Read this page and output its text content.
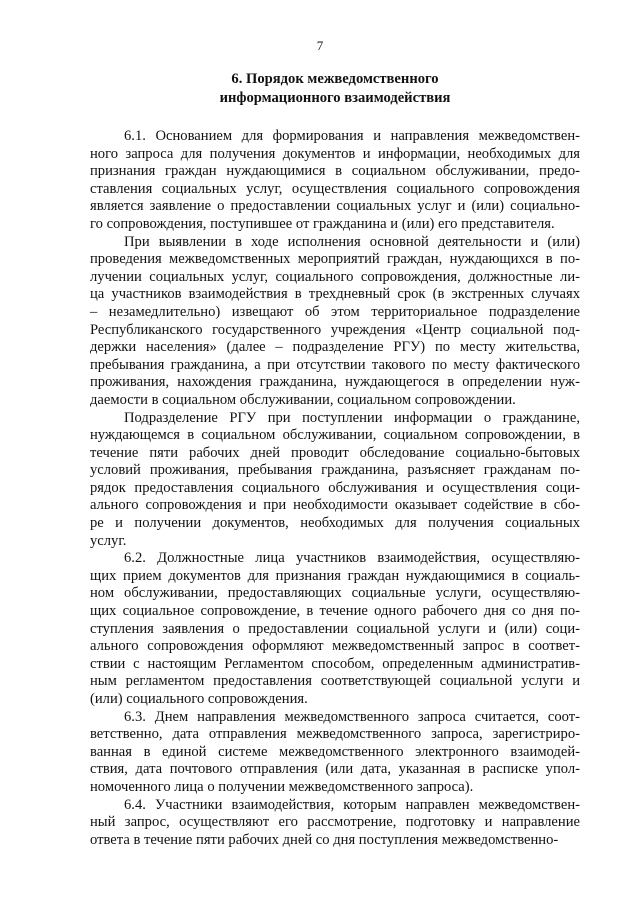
7
6. Порядок межведомственного
информационного взаимодействия

6.1. Основанием для формирования и направления межведомствен-
ного запроса для получения документов и информации, необходимых для
признания граждан нуждающимися в социальном обслуживании, предо-
ставления социальных услуг, осуществления социального сопровождения
является заявление о предоставлении социальных услуг и (или) социально-
го сопровождения, поступившее от гражданина и (или) его представителя.

При выявлении в ходе исполнения основной деятельности и (или)
проведения межведомственных мероприятий граждан, нуждающихся в по-
лучении социальных услуг, социального сопровождения, должностные ли-
ца участников взаимодействия в трехдневный срок (в экстренных случаях
– незамедлительно) извещают об этом территориальное подразделение
Республиканского государственного учреждения «Центр социальной под-
держки населения» (далее – подразделение РГУ) по месту жительства,
пребывания гражданина, а при отсутствии такового по месту фактического
проживания, нахождения гражданина, нуждающегося в определении нуж-
даемости в социальном обслуживании, социальном сопровождении.

Подразделение РГУ при поступлении информации о гражданине,
нуждающемся в социальном обслуживании, социальном сопровождении, в
течение пяти рабочих дней проводит обследование социально-бытовых
условий проживания, пребывания гражданина, разъясняет гражданам по-
рядок предоставления социального обслуживания и осуществления соци-
ального сопровождения и при необходимости оказывает содействие в сбо-
ре и получении документов, необходимых для получения социальных
услуг.

6.2. Должностные лица участников взаимодействия, осуществляю-
щих прием документов для признания граждан нуждающимися в социаль-
ном обслуживании, предоставляющих социальные услуги, осуществляю-
щих социальное сопровождение, в течение одного рабочего дня со дня по-
ступления заявления о предоставлении социальной услуги и (или) соци-
ального сопровождения оформляют межведомственный запрос в соответ-
ствии с настоящим Регламентом способом, определенным административ-
ным регламентом предоставления соответствующей социальной услуги и
(или) социального сопровождения.

6.3. Днем направления межведомственного запроса считается, соот-
ветственно, дата отправления межведомственного запроса, зарегистриро-
ванная в единой системе межведомственного электронного взаимодей-
ствия, дата почтового отправления (или дата, указанная в расписке упол-
номоченного лица о получении межведомственного запроса).

6.4. Участники взаимодействия, которым направлен межведомствен-
ный запрос, осуществляют его рассмотрение, подготовку и направление
ответа в течение пяти рабочих дней со дня поступления межведомственно-
